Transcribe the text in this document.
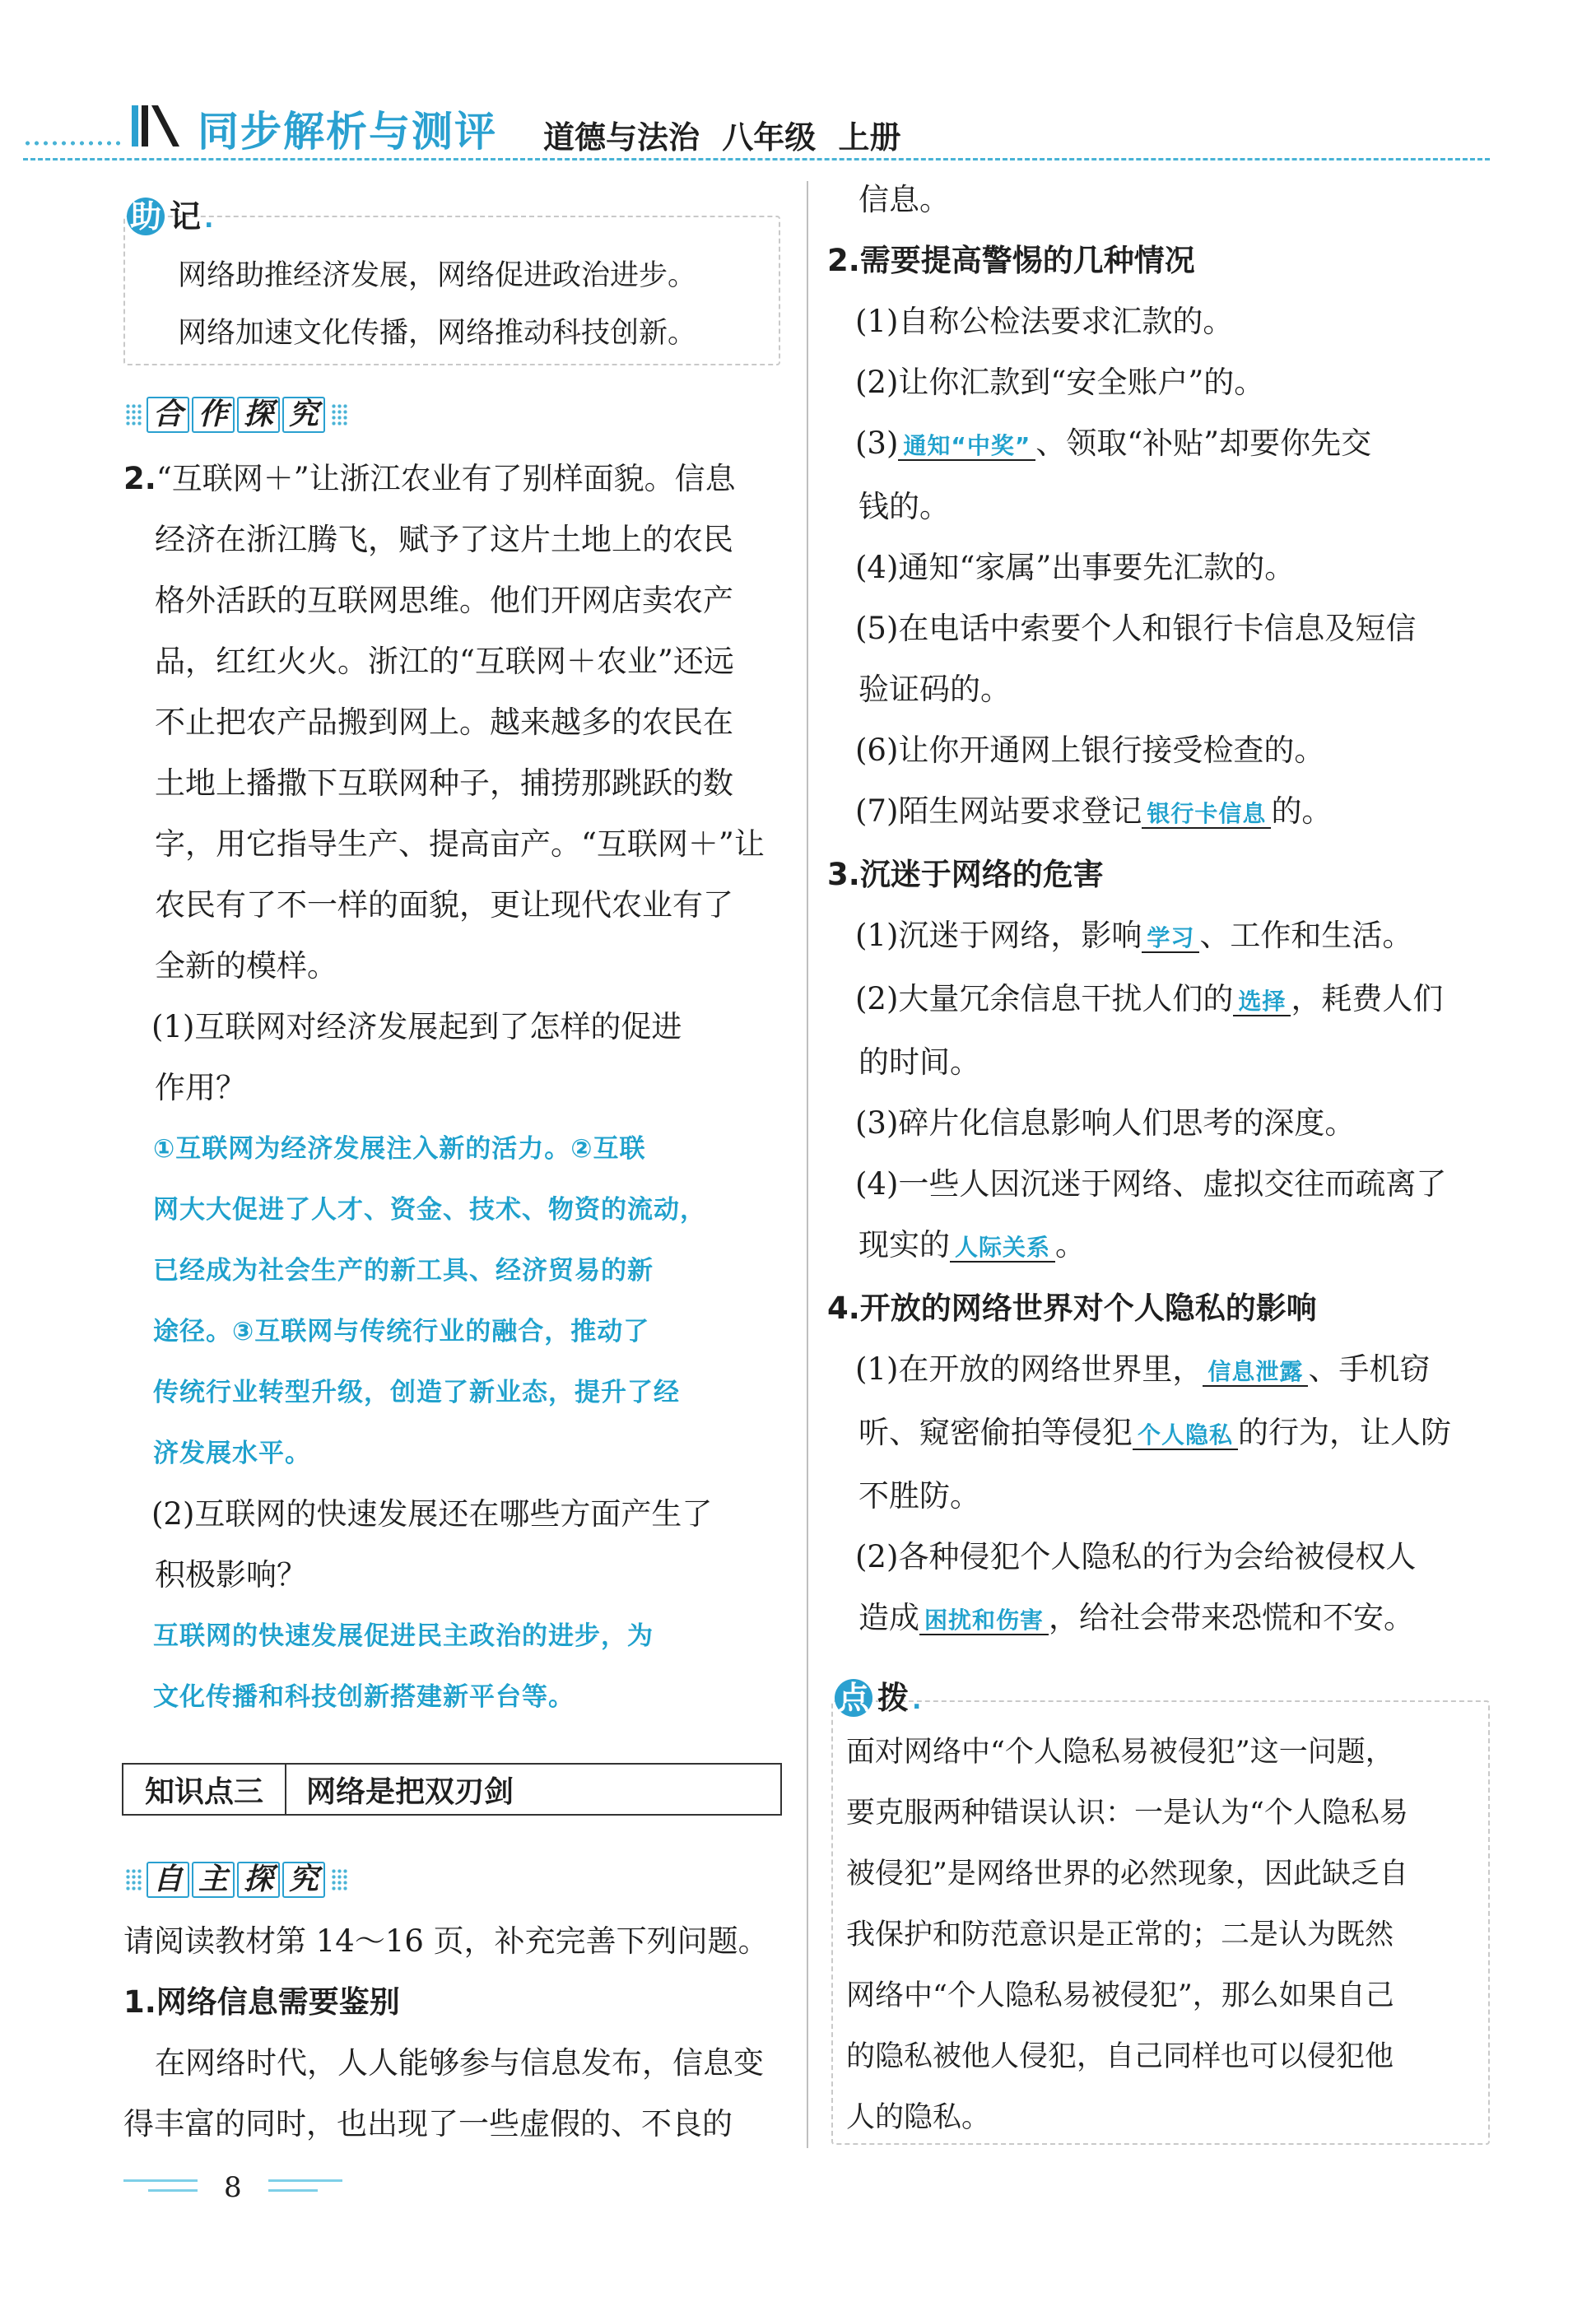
同步解析与测评 道德与法治 八年级 上册
助 记 .
网络助推经济发展，网络促进政治进步。
网络加速文化传播，网络推动科技创新。
合 作 探 究
2.“互联网＋”让浙江农业有了别样面貌。信息
经济在浙江腾飞，赋予了这片土地上的农民
格外活跃的互联网思维。他们开网店卖农产
品，红红火火。浙江的“互联网＋农业”还远
不止把农产品搬到网上。越来越多的农民在
土地上播撒下互联网种子，捕捞那跳跃的数
字，用它指导生产、提高亩产。“互联网＋”让
农民有了不一样的面貌，更让现代农业有了
全新的模样。
(1)互联网对经济发展起到了怎样的促进
作用？
①互联网为经济发展注入新的活力。②互联
网大大促进了人才、资金、技术、物资的流动，
已经成为社会生产的新工具、经济贸易的新
途径。③互联网与传统行业的融合，推动了
传统行业转型升级，创造了新业态，提升了经
济发展水平。
(2)互联网的快速发展还在哪些方面产生了
积极影响？
互联网的快速发展促进民主政治的进步，为
文化传播和科技创新搭建新平台等。
知识点三	网络是把双刃剑
自 主 探 究
请阅读教材第 14～16 页，补充完善下列问题。
1.网络信息需要鉴别
在网络时代，人人能够参与信息发布，信息变
得丰富的同时，也出现了一些虚假的、不良的
8
信息。
2.需要提高警惕的几种情况
(1)自称公检法要求汇款的。
(2)让你汇款到“安全账户”的。
(3) 通知“中奖” 、领取“补贴”却要你先交
钱的。
(4)通知“家属”出事要先汇款的。
(5)在电话中索要个人和银行卡信息及短信
验证码的。
(6)让你开通网上银行接受检查的。
(7)陌生网站要求登记 银行卡信息 的。
3.沉迷于网络的危害
(1)沉迷于网络，影响 学习 、工作和生活。
(2)大量冗余信息干扰人们的 选择 ，耗费人们
的时间。
(3)碎片化信息影响人们思考的深度。
(4)一些人因沉迷于网络、虚拟交往而疏离了
现实的 人际关系 。
4.开放的网络世界对个人隐私的影响
(1)在开放的网络世界里， 信息泄露 、手机窃
听、窥密偷拍等侵犯 个人隐私 的行为，让人防
不胜防。
(2)各种侵犯个人隐私的行为会给被侵权人
造成 困扰和伤害 ，给社会带来恐慌和不安。
点 拨 .
面对网络中“个人隐私易被侵犯”这一问题，
要克服两种错误认识：一是认为“个人隐私易
被侵犯”是网络世界的必然现象，因此缺乏自
我保护和防范意识是正常的；二是认为既然
网络中“个人隐私易被侵犯”，那么如果自己
的隐私被他人侵犯，自己同样也可以侵犯他
人的隐私。
